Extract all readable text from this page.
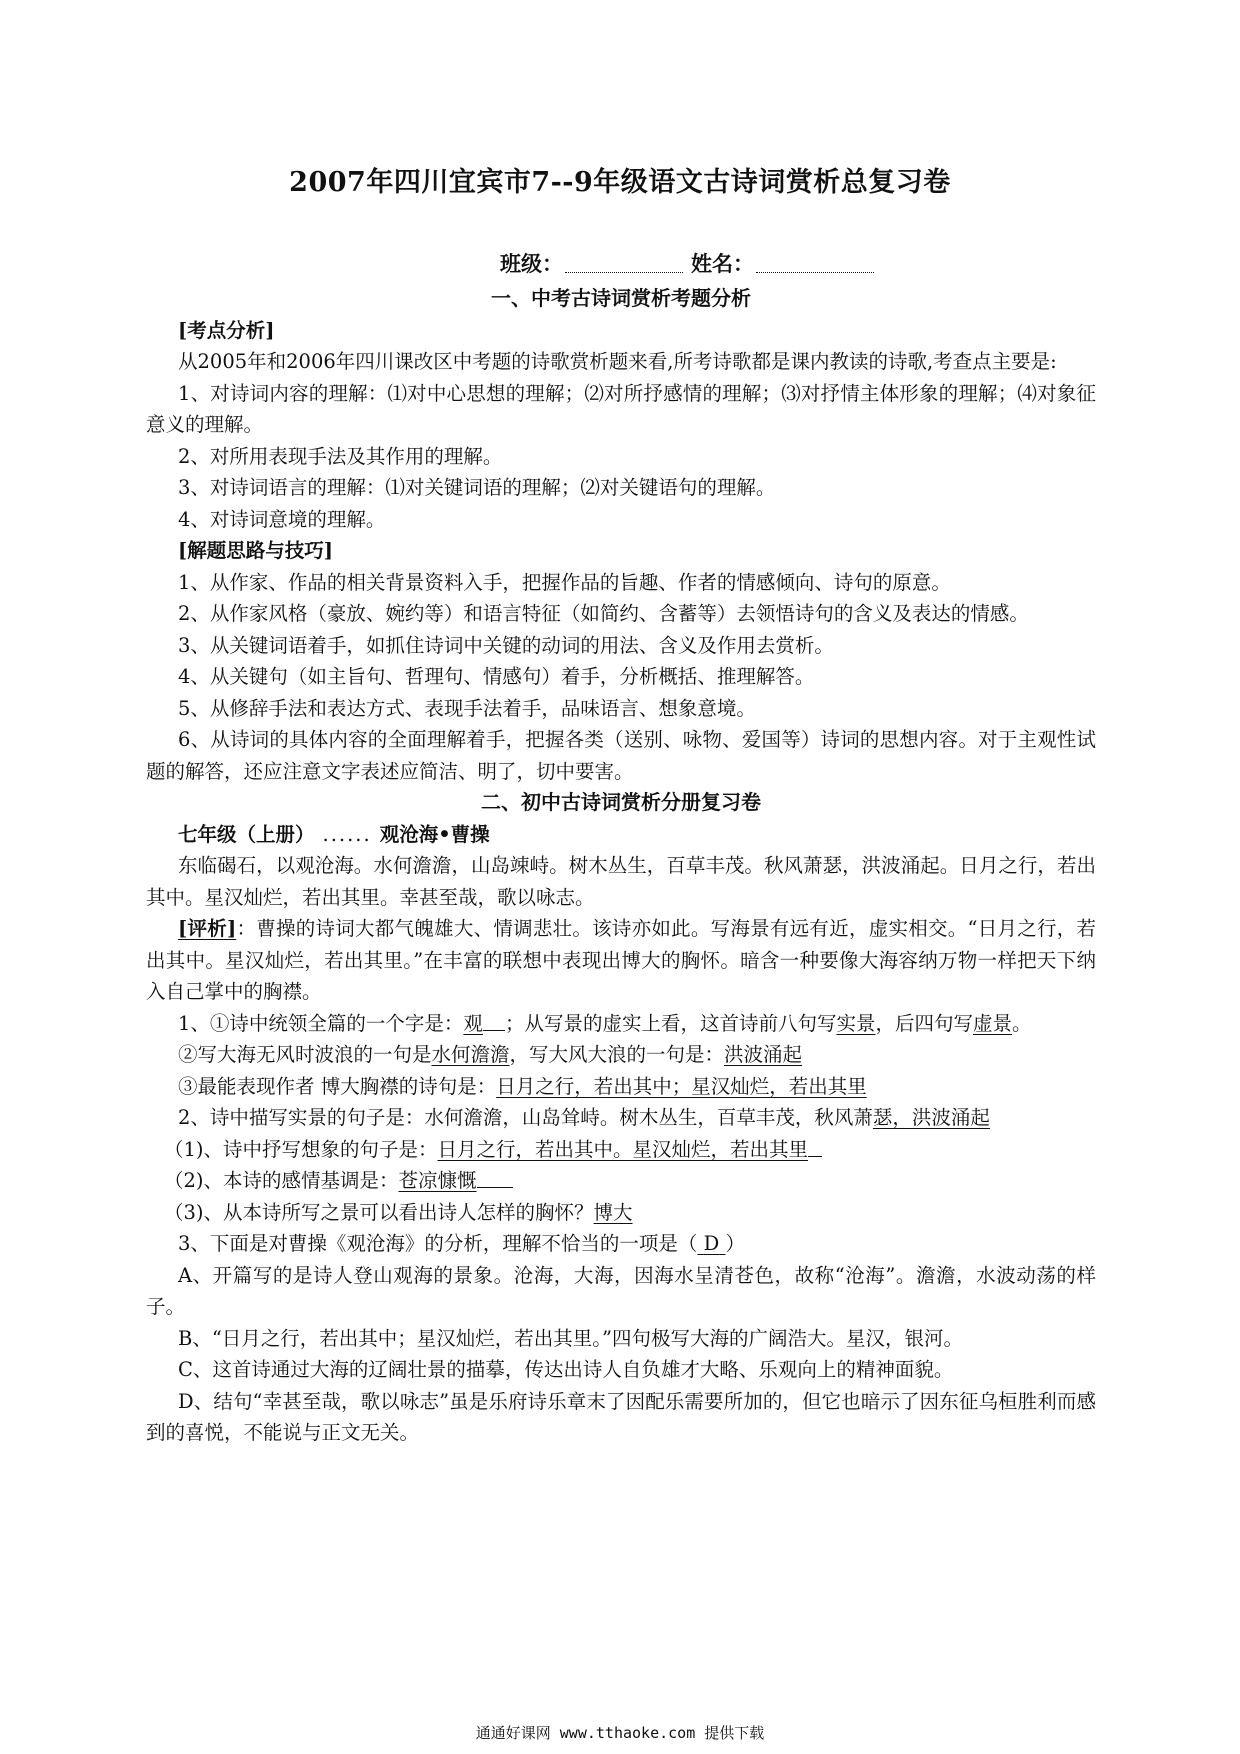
2007年四川宜宾市7--9年级语文古诗词赏析总复习卷
班级：	姓名：
一、中考古诗词赏析考题分析
[考点分析]
从2005年和2006年四川课改区中考题的诗歌赏析题来看,所考诗歌都是课内教读的诗歌,考查点主要是:
1、对诗词内容的理解：⑴对中心思想的理解；⑵对所抒感情的理解；⑶对抒情主体形象的理解；⑷对象征意义的理解。
2、对所用表现手法及其作用的理解。
3、对诗词语言的理解：⑴对关键词语的理解；⑵对关键语句的理解。
4、对诗词意境的理解。
[解题思路与技巧]
1、从作家、作品的相关背景资料入手，把握作品的旨趣、作者的情感倾向、诗句的原意。
2、从作家风格（豪放、婉约等）和语言特征（如简约、含蓄等）去领悟诗句的含义及表达的情感。
3、从关键词语着手，如抓住诗词中关键的动词的用法、含义及作用去赏析。
4、从关键句（如主旨句、哲理句、情感句）着手，分析概括、推理解答。
5、从修辞手法和表达方式、表现手法着手，品味语言、想象意境。
6、从诗词的具体内容的全面理解着手，把握各类（送别、咏物、爱国等）诗词的思想内容。对于主观性试题的解答，还应注意文字表述应简洁、明了，切中要害。
二、初中古诗词赏析分册复习卷
七年级（上册） ...... 观沧海•曹操
东临碣石，以观沧海。水何澹澹，山岛竦峙。树木丛生，百草丰茂。秋风萧瑟，洪波涌起。日月之行，若出其中。星汉灿烂，若出其里。幸甚至哉，歌以咏志。
[评析]：曹操的诗词大都气魄雄大、情调悲壮。该诗亦如此。写海景有远有近，虚实相交。“日月之行，若出其中。星汉灿烂，若出其里。”在丰富的联想中表现出博大的胸怀。暗含一种要像大海容纳万物一样把天下纳入自己掌中的胸襟。
1、①诗中统领全篇的一个字是：观 ；从写景的虚实上看，这首诗前八句写实景，后四句写虚景。
②写大海无风时波浪的一句是水何澹澹，写大风大浪的一句是：洪波涌起
③最能表现作者 博大胸襟的诗句是：日月之行，若出其中；星汉灿烂，若出其里
2、诗中描写实景的句子是：水何澹澹，山岛耸峙。树木丛生，百草丰茂，秋风萧瑟，洪波涌起
（1)、诗中抒写想象的句子是：日月之行，若出其中。星汉灿烂，若出其里
（2)、本诗的感情基调是：苍凉慷慨
（3)、从本诗所写之景可以看出诗人怎样的胸怀？博大
3、下面是对曹操《观沧海》的分析，理解不恰当的一项是（ D ）
A、开篇写的是诗人登山观海的景象。沧海，大海，因海水呈清苍色，故称“沧海”。澹澹，水波动荡的样子。
B、“日月之行，若出其中；星汉灿烂，若出其里。”四句极写大海的广阔浩大。星汉，银河。
C、这首诗通过大海的辽阔壮景的描摹，传达出诗人自负雄才大略、乐观向上的精神面貌。
D、结句“幸甚至哉，歌以咏志”虽是乐府诗乐章末了因配乐需要所加的，但它也暗示了因东征乌桓胜利而感到的喜悦，不能说与正文无关。
通通好课网 www.tthaoke.com 提供下载
